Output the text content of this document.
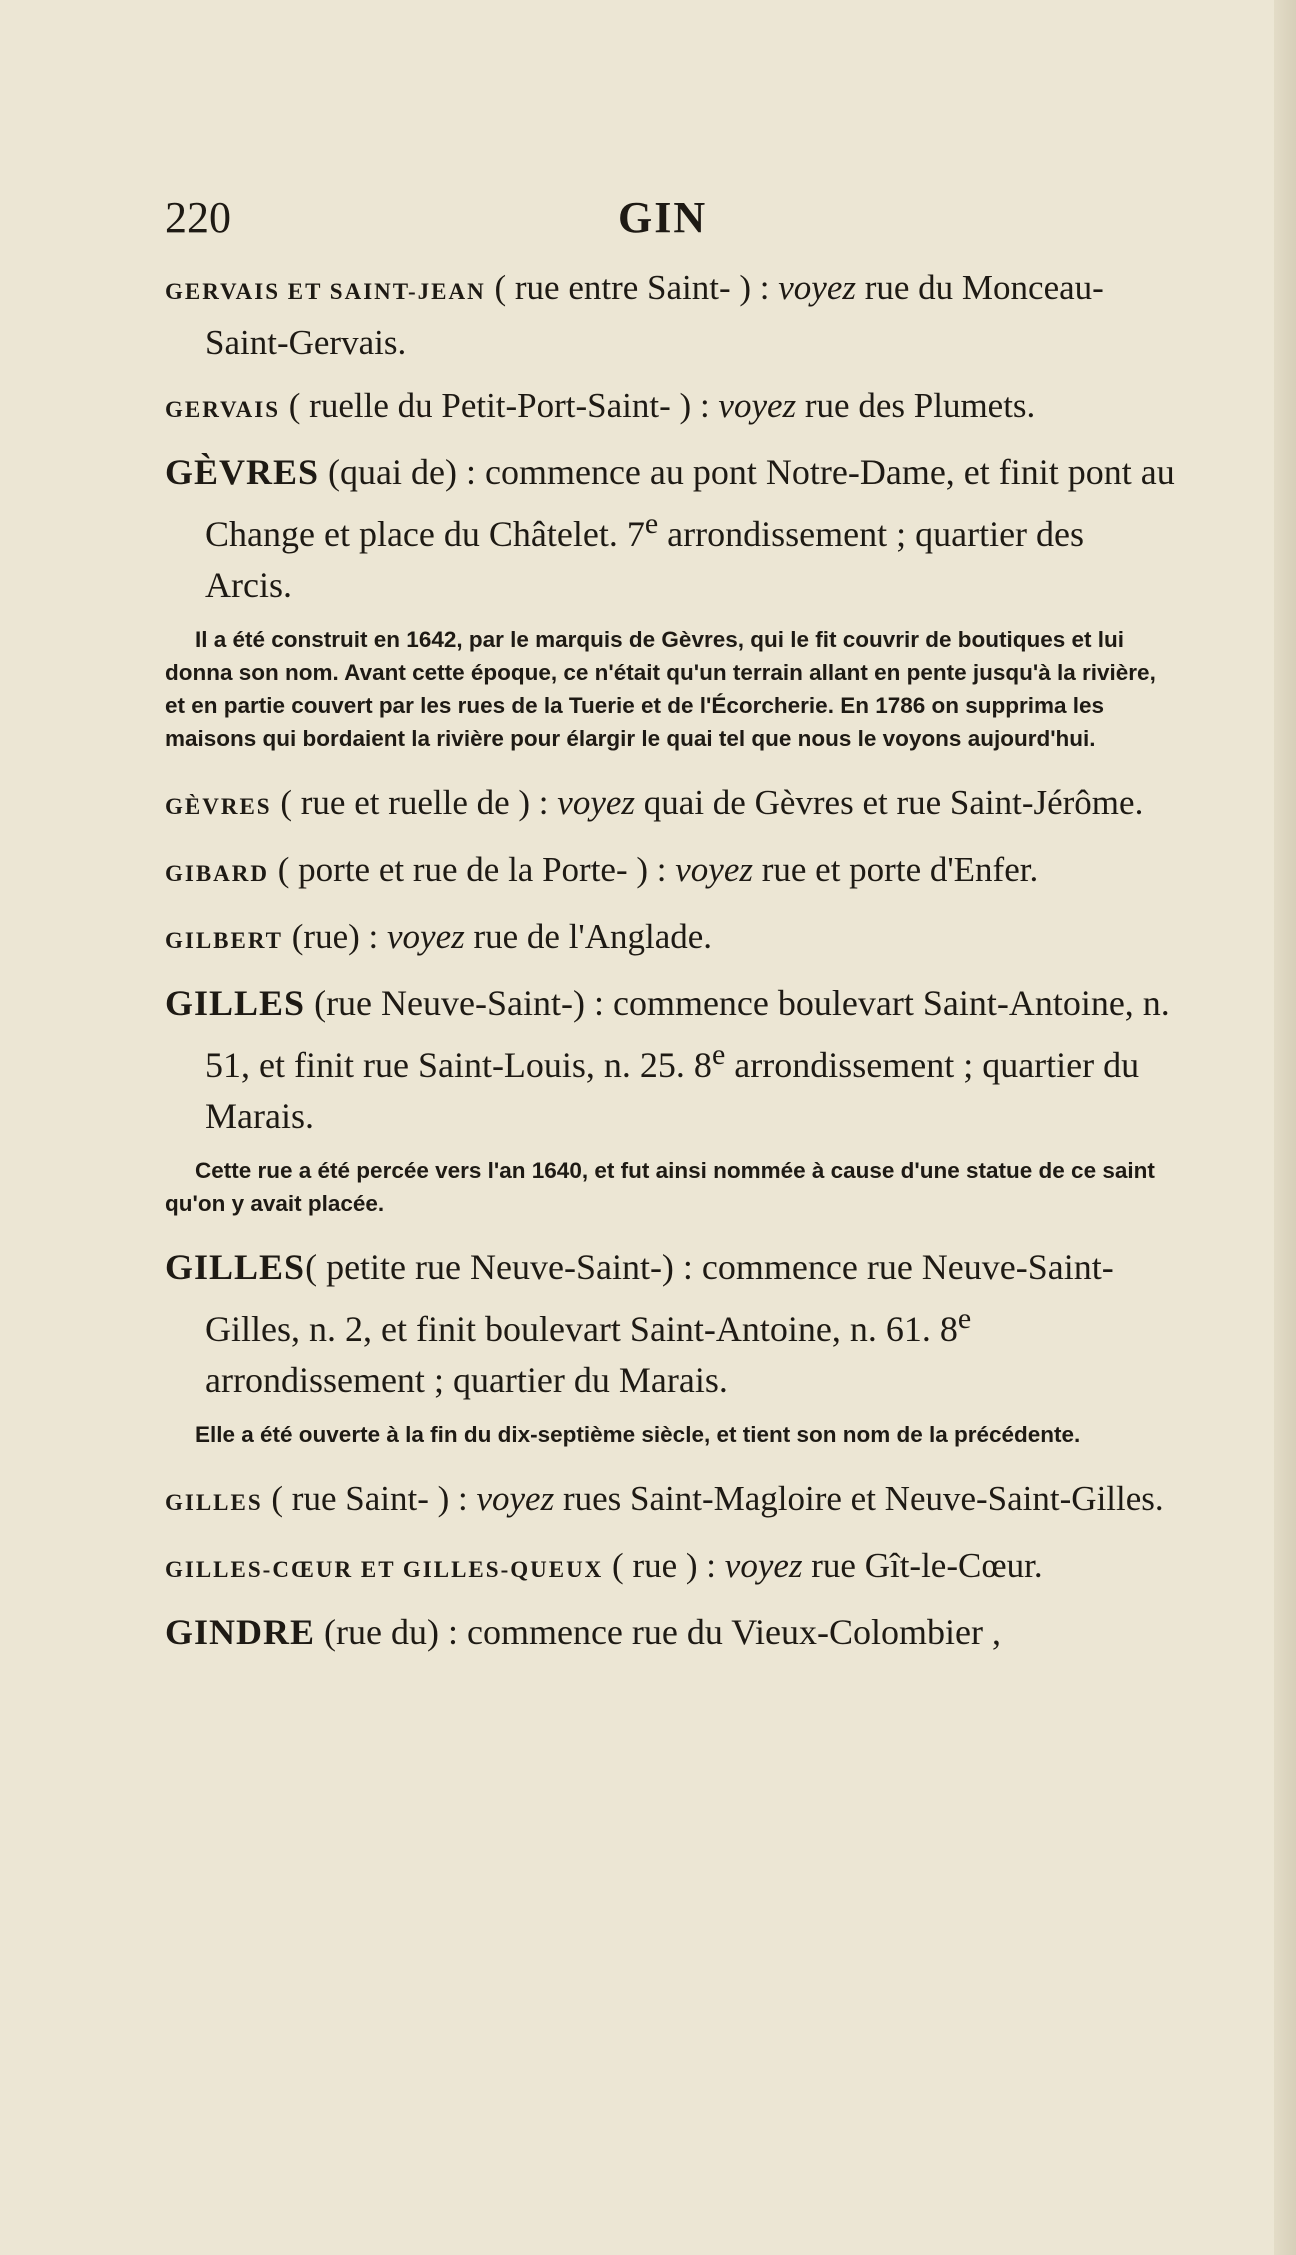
220	GIN

GERVAIS ET SAINT-JEAN ( rue entre Saint- ) : voyez rue du Monceau-Saint-Gervais.

GERVAIS ( ruelle du Petit-Port-Saint- ) : voyez rue des Plumets.

GÈVRES (quai de) : commence au pont Notre-Dame, et finit pont au Change et place du Châtelet. 7e arrondissement ; quartier des Arcis.

Il a été construit en 1642, par le marquis de Gèvres, qui le fit couvrir de boutiques et lui donna son nom. Avant cette époque, ce n'était qu'un terrain allant en pente jusqu'à la rivière, et en partie couvert par les rues de la Tuerie et de l'Écorcherie. En 1786 on supprima les maisons qui bordaient la rivière pour élargir le quai tel que nous le voyons aujourd'hui.

GÈVRES ( rue et ruelle de ) : voyez quai de Gèvres et rue Saint-Jérôme.

GIBARD ( porte et rue de la Porte- ) : voyez rue et porte d'Enfer.

GILBERT (rue) : voyez rue de l'Anglade.

GILLES (rue Neuve-Saint-) : commence boulevart Saint-Antoine, n. 51, et finit rue Saint-Louis, n. 25. 8e arrondissement ; quartier du Marais.

Cette rue a été percée vers l'an 1640, et fut ainsi nommée à cause d'une statue de ce saint qu'on y avait placée.

GILLES( petite rue Neuve-Saint-) : commence rue Neuve-Saint-Gilles, n. 2, et finit boulevart Saint-Antoine, n. 61. 8e arrondissement ; quartier du Marais.

Elle a été ouverte à la fin du dix-septième siècle, et tient son nom de la précédente.

GILLES ( rue Saint- ) : voyez rues Saint-Magloire et Neuve-Saint-Gilles.

GILLES-CŒUR ET GILLES-QUEUX ( rue ) : voyez rue Gît-le-Cœur.

GINDRE (rue du) : commence rue du Vieux-Colombier ,
